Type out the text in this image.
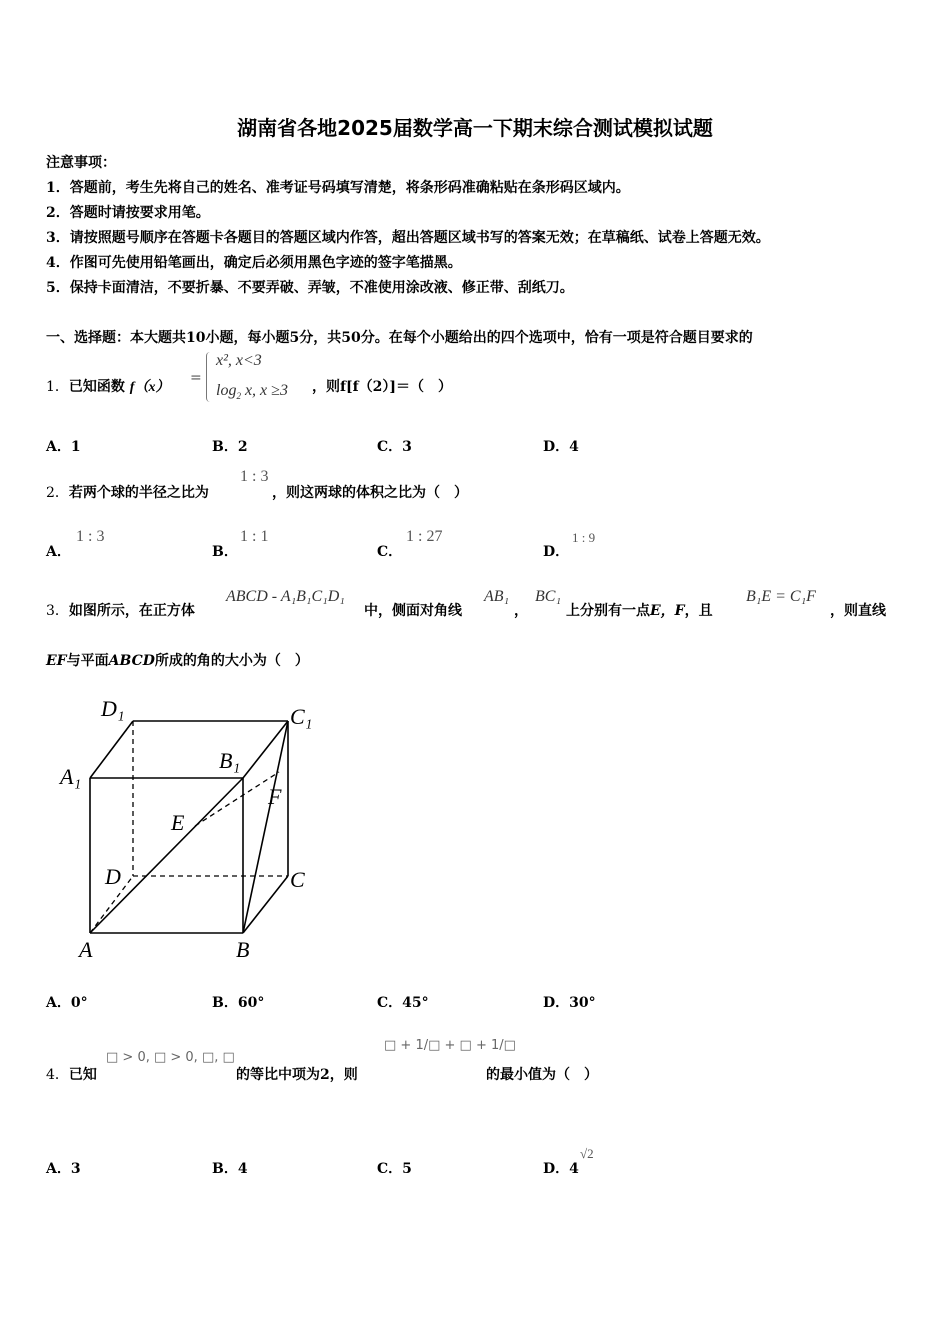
湖南省各地2025届数学高一下期末综合测试模拟试题
注意事项：
1．答题前，考生先将自己的姓名、准考证号码填写清楚，将条形码准确粘贴在条形码区域内。
2．答题时请按要求用笔。
3．请按照题号顺序在答题卡各题目的答题区域内作答，超出答题区域书写的答案无效；在草稿纸、试卷上答题无效。
4．作图可先使用铅笔画出，确定后必须用黑色字迹的签字笔描黑。
5．保持卡面清洁，不要折暴、不要弄破、弄皱，不准使用涂改液、修正带、刮纸刀。
一、选择题：本大题共10小题，每小题5分，共50分。在每个小题给出的四个选项中，恰有一项是符合题目要求的
1．已知函数 f（x）
=
x², x<3
$\log_2 x$, x ≥3 ，则f[f（2）]＝（　）
A．1	B．2	C．3	D．4
2．若两个球的半径之比为
1 : 3
，则这两球的体积之比为（　）
A．
1 : 3
B．
1 : 1
C．
1 : 27
D．
1 : 9
3．如图所示，在正方体
ABCD - A₁B₁C₁D₁
中，侧面对角线
AB₁
，
BC₁
上分别有一点E，F，且
B₁E = C₁F
，则直线
EF与平面ABCD所成的角的大小为（　）
D₁	C₁
A₁
B₁
E
F
D	C
A	B
A．0°	B．60°	C．45°	D．30°
4．已知
□ > 0, □ > 0, □, □
的等比中项为2，则
□ + 1/□ + □ + 1/□
的最小值为（　）
A．3	B．4	C．5	D．4
√2
